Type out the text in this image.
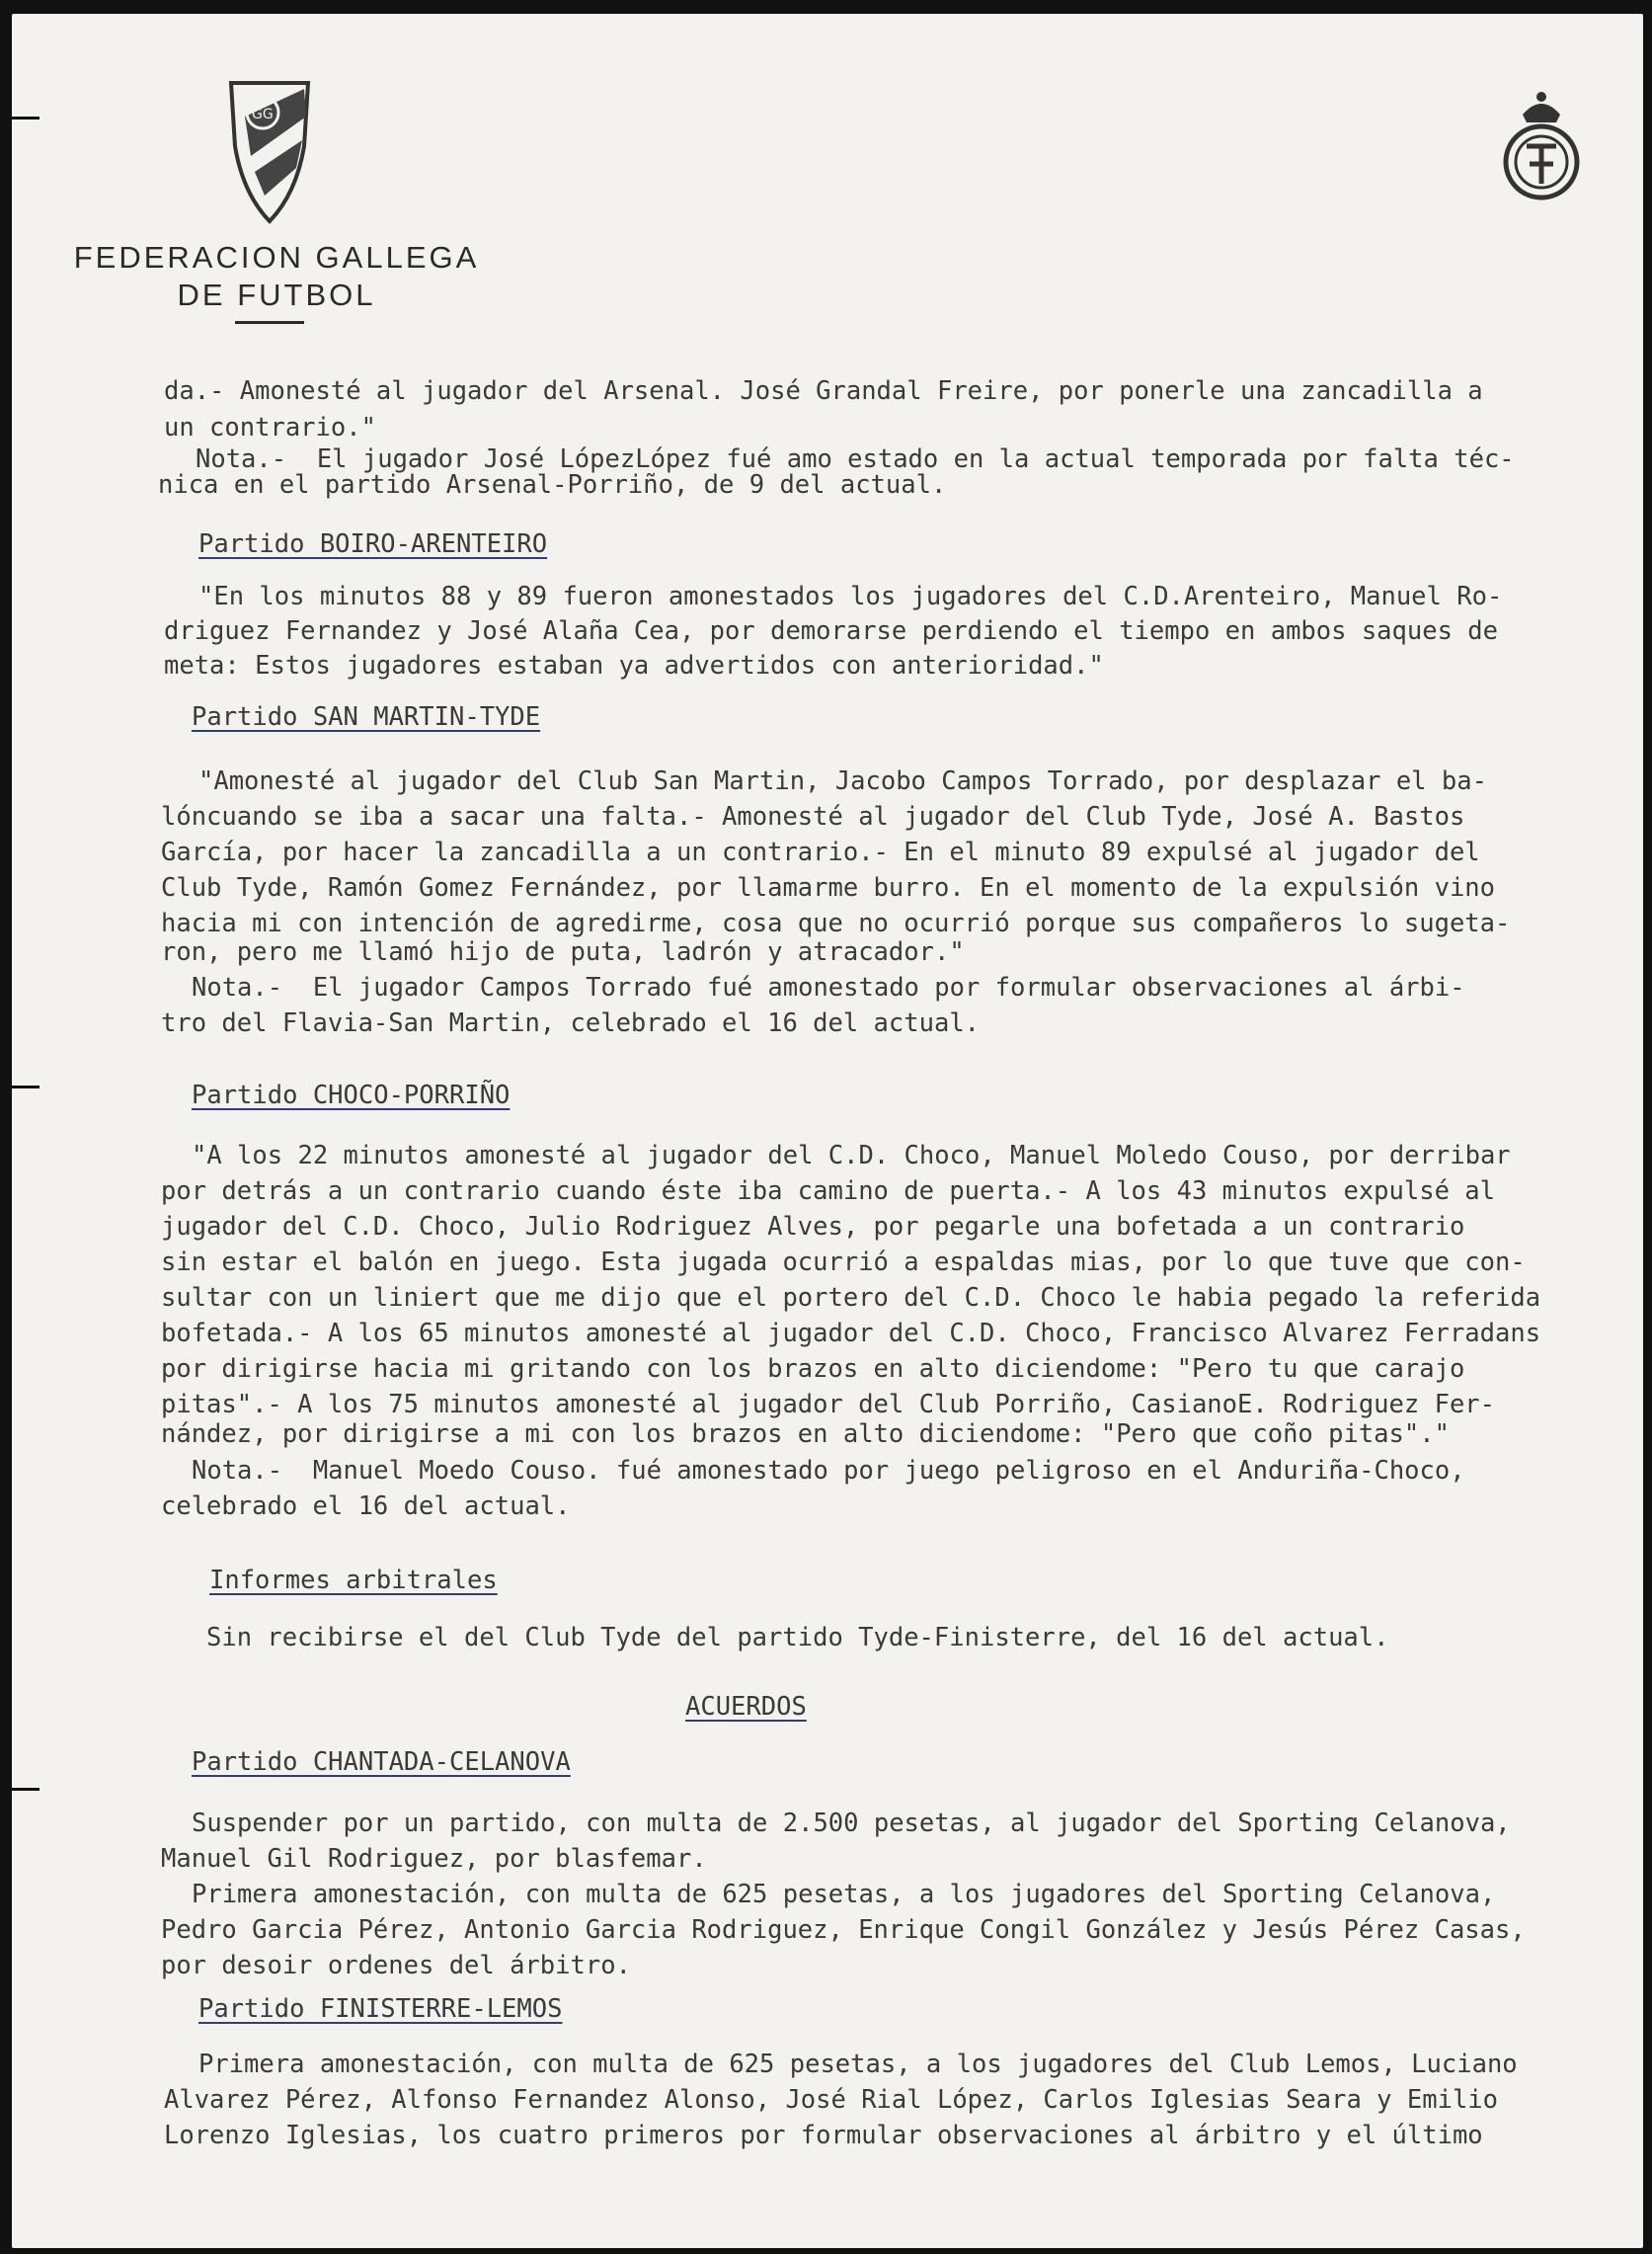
GG
FEDERACION GALLEGA
DE FUTBOL
Partido BOIRO-ARENTEIRO
Partido SAN MARTIN-TYDE
Partido CHOCO-PORRIÑO
Informes arbitrales
ACUERDOS
Partido CHANTADA-CELANOVA
Partido FINISTERRE-LEMOS

da.- Amonesté al jugador del Arsenal. José Grandal Freire, por ponerle una zancadilla a

un contrario."

Nota.-  El jugador José LópezLópez fué amo estado en la actual temporada por falta téc-

nica en el partido Arsenal-Porriño, de 9 del actual.

"En los minutos 88 y 89 fueron amonestados los jugadores del C.D.Arenteiro, Manuel Ro-

driguez Fernandez y José Alaña Cea, por demorarse perdiendo el tiempo en ambos saques de

meta: Estos jugadores estaban ya advertidos con anterioridad."

"Amonesté al jugador del Club San Martin, Jacobo Campos Torrado, por desplazar el ba-

lóncuando se iba a sacar una falta.- Amonesté al jugador del Club Tyde, José A. Bastos

García, por hacer la zancadilla a un contrario.- En el minuto 89 expulsé al jugador del

Club Tyde, Ramón Gomez Fernández, por llamarme burro. En el momento de la expulsión vino

hacia mi con intención de agredirme, cosa que no ocurrió porque sus compañeros lo sugeta-

ron, pero me llamó hijo de puta, ladrón y atracador."

Nota.-  El jugador Campos Torrado fué amonestado por formular observaciones al árbi-

tro del Flavia-San Martin, celebrado el 16 del actual.

"A los 22 minutos amonesté al jugador del C.D. Choco, Manuel Moledo Couso, por derribar

por detrás a un contrario cuando éste iba camino de puerta.- A los 43 minutos expulsé al

jugador del C.D. Choco, Julio Rodriguez Alves, por pegarle una bofetada a un contrario

sin estar el balón en juego. Esta jugada ocurrió a espaldas mias, por lo que tuve que con-

sultar con un liniert que me dijo que el portero del C.D. Choco le habia pegado la referida

bofetada.- A los 65 minutos amonesté al jugador del C.D. Choco, Francisco Alvarez Ferradans

por dirigirse hacia mi gritando con los brazos en alto diciendome: "Pero tu que carajo

pitas".- A los 75 minutos amonesté al jugador del Club Porriño, CasianoE. Rodriguez Fer-

nández, por dirigirse a mi con los brazos en alto diciendome: "Pero que coño pitas"."

Nota.-  Manuel Moedo Couso. fué amonestado por juego peligroso en el Anduriña-Choco,

celebrado el 16 del actual.

Sin recibirse el del Club Tyde del partido Tyde-Finisterre, del 16 del actual.

Suspender por un partido, con multa de 2.500 pesetas, al jugador del Sporting Celanova,

Manuel Gil Rodriguez, por blasfemar.

Primera amonestación, con multa de 625 pesetas, a los jugadores del Sporting Celanova,

Pedro Garcia Pérez, Antonio Garcia Rodriguez, Enrique Congil González y Jesús Pérez Casas,

por desoir ordenes del árbitro.

Primera amonestación, con multa de 625 pesetas, a los jugadores del Club Lemos, Luciano

Alvarez Pérez, Alfonso Fernandez Alonso, José Rial López, Carlos Iglesias Seara y Emilio

Lorenzo Iglesias, los cuatro primeros por formular observaciones al árbitro y el último
